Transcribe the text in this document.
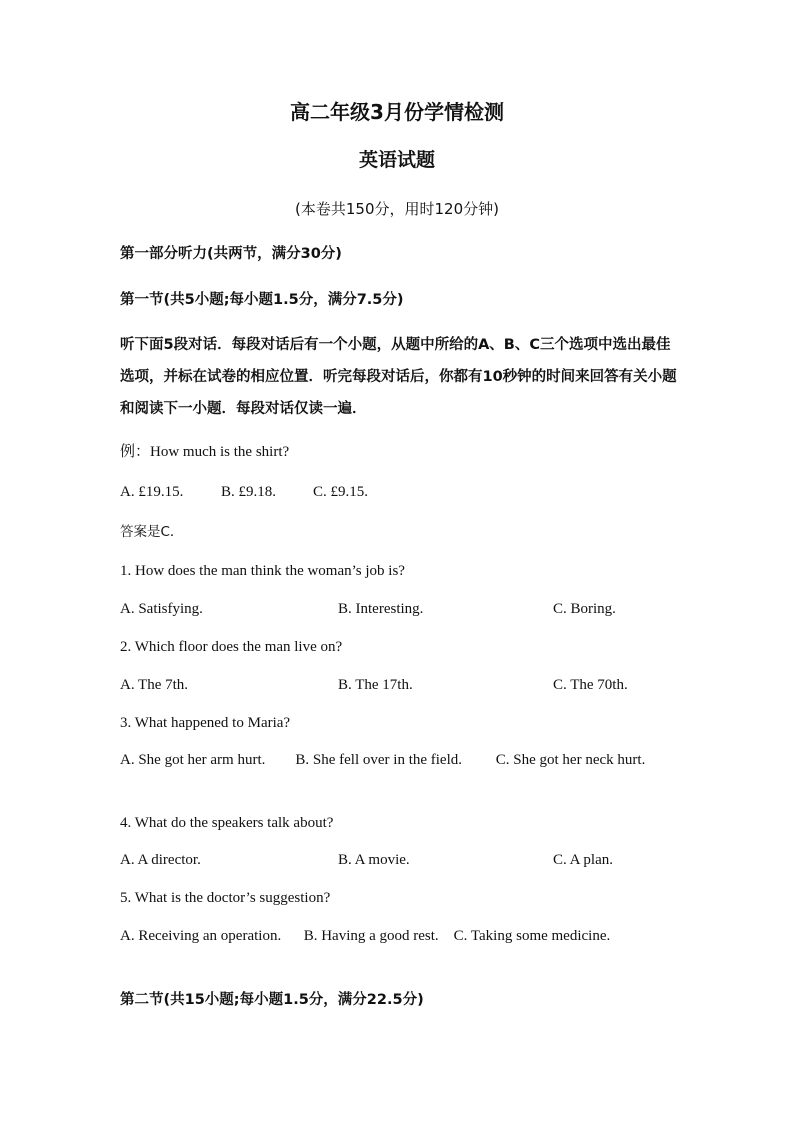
高二年级3月份学情检测
英语试题
(本卷共150分，用时120分钟)
第一部分听力(共两节，满分30分)
第一节(共5小题;每小题1.5分，满分7.5分)
听下面5段对话．每段对话后有一个小题，从题中所给的A、B、C三个选项中选出最佳选项，并标在试卷的相应位置．听完每段对话后，你都有10秒钟的时间来回答有关小题和阅读下一小题．每段对话仅读一遍．
例：How much is the shirt?
A. £19.15.	B. £9.18. C. £9.15.
答案是C．
1. How does the man think the woman’s job is?
A. Satisfying.	B. Interesting.	C. Boring.
2. Which floor does the man live on?
A. The 7th.	B. The 17th.	C. The 70th.
3. What happened to Maria?
A. She got her arm hurt.        B. She fell over in the field.         C. She got her neck hurt.
4. What do the speakers talk about?
A. A director.	B. A movie.	C. A plan.
5. What is the doctor’s suggestion?
A. Receiving an operation.      B. Having a good rest.    C. Taking some medicine.
第二节(共15小题;每小题1.5分，满分22.5分)
